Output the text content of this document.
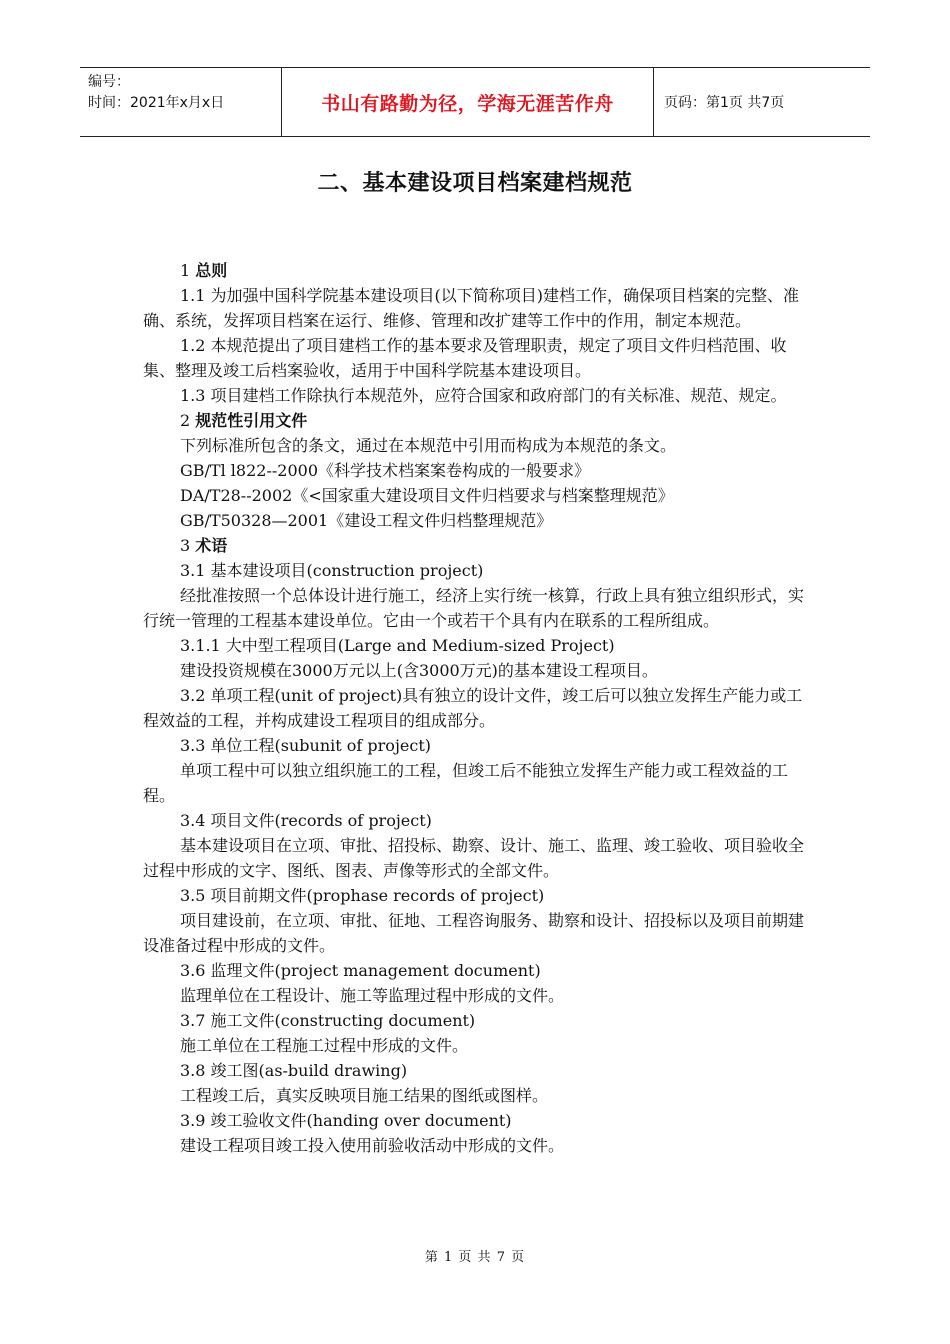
编号：
时间：2021年x月x日	书山有路勤为径，学海无涯苦作舟	页码：第1页 共7页
二、基本建设项目档案建档规范

1 总则

1.1 为加强中国科学院基本建设项目(以下简称项目)建档工作，确保项目档案的完整、准确、系统，发挥项目档案在运行、维修、管理和改扩建等工作中的作用，制定本规范。

1.2 本规范提出了项目建档工作的基本要求及管理职责，规定了项目文件归档范围、收集、整理及竣工后档案验收，适用于中国科学院基本建设项目。

1.3 项目建档工作除执行本规范外，应符合国家和政府部门的有关标准、规范、规定。

2 规范性引用文件

下列标准所包含的条文，通过在本规范中引用而构成为本规范的条文。

GB/Tl l822--2000《科学技术档案案卷构成的一般要求》

DA/T28--2002《<国家重大建设项目文件归档要求与档案整理规范》

GB/T50328—2001《建设工程文件归档整理规范》

3 术语

3.1 基本建设项目(construction project)

经批准按照一个总体设计进行施工，经济上实行统一核算，行政上具有独立组织形式，实行统一管理的工程基本建设单位。它由一个或若干个具有内在联系的工程所组成。

3.1.1 大中型工程项目(Large and Medium-sized Project)

建设投资规模在3000万元以上(含3000万元)的基本建设工程项目。

3.2 单项工程(unit of project)具有独立的设计文件，竣工后可以独立发挥生产能力或工程效益的工程，并构成建设工程项目的组成部分。

3.3 单位工程(subunit of project)

单项工程中可以独立组织施工的工程，但竣工后不能独立发挥生产能力或工程效益的工程。

3.4 项目文件(records of project)

基本建设项目在立项、审批、招投标、勘察、设计、施工、监理、竣工验收、项目验收全过程中形成的文字、图纸、图表、声像等形式的全部文件。

3.5 项目前期文件(prophase records of project)

项目建设前，在立项、审批、征地、工程咨询服务、勘察和设计、招投标以及项目前期建设准备过程中形成的文件。

3.6 监理文件(project management document)

监理单位在工程设计、施工等监理过程中形成的文件。

3.7 施工文件(constructing document)

施工单位在工程施工过程中形成的文件。

3.8 竣工图(as-build drawing)

工程竣工后，真实反映项目施工结果的图纸或图样。

3.9 竣工验收文件(handing over document)

建设工程项目竣工投入使用前验收活动中形成的文件。

第 1 页 共 7 页
